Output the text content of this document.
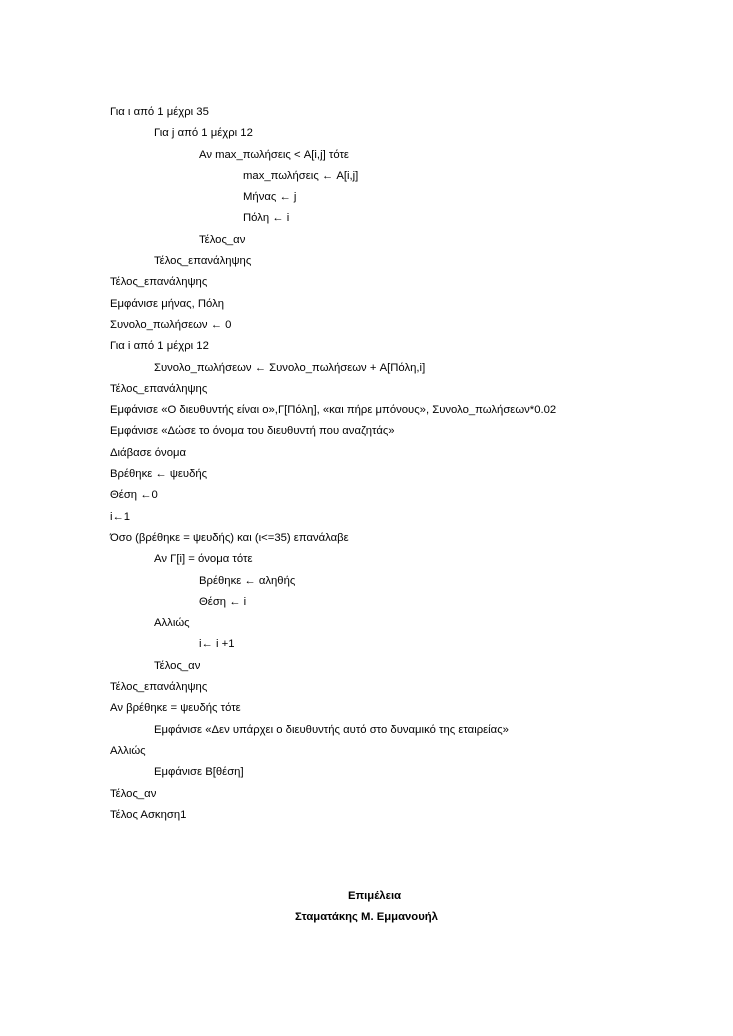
Για ι από 1 μέχρι 35
Για j από 1 μέχρι 12
Αν max_πωλήσεις < A[i,j] τότε
max_πωλήσεις ← A[i,j]
Μήνας ← j
Πόλη ← i
Τέλος_αν
Τέλος_επανάληψης
Τέλος_επανάληψης
Εμφάνισε μήνας, Πόλη
Συνολο_πωλήσεων ← 0
Για i από 1 μέχρι 12
Συνολο_πωλήσεων ← Συνολο_πωλήσεων + A[Πόλη,i]
Τέλος_επανάληψης
Εμφάνισε «Ο διευθυντής είναι ο»,Γ[Πόλη], «και πήρε μπόνους», Συνολο_πωλήσεων*0.02
Εμφάνισε «Δώσε το όνομα του διευθυντή που αναζητάς»
Διάβασε όνομα
Βρέθηκε ← ψευδής
Θέση ←0
i←1
Όσο (βρέθηκε = ψευδής) και (ι<=35) επανάλαβε
Αν Γ[i] = όνομα τότε
Βρέθηκε ← αληθής
Θέση ← i
Αλλιώς
i← i +1
Τέλος_αν
Τέλος_επανάληψης
Αν βρέθηκε = ψευδής τότε
Εμφάνισε «Δεν υπάρχει ο διευθυντής αυτό στο δυναμικό της εταιρείας»
Αλλιώς
Εμφάνισε Β[θέση]
Τέλος_αν
Τέλος Ασκηση1
Επιμέλεια
Σταματάκης Μ. Εμμανουήλ
